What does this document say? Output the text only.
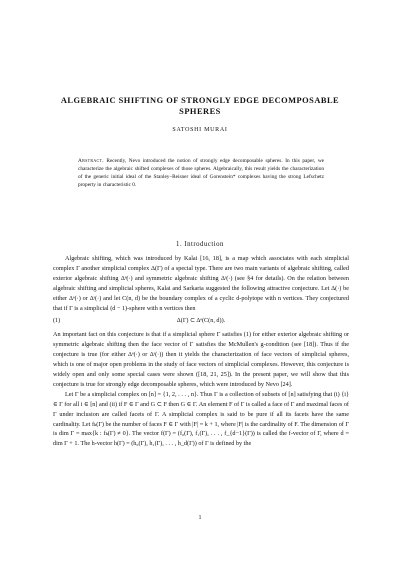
ALGEBRAIC SHIFTING OF STRONGLY EDGE DECOMPOSABLE SPHERES
SATOSHI MURAI
Abstract. Recently, Nevo introduced the notion of strongly edge decomposable spheres. In this paper, we characterize the algebraic shifted complexes of those spheres. Algebraically, this result yields the characterization of the generic initial ideal of the Stanley–Reisner ideal of Gorenstein* complexes having the strong Lefschetz property in characteristic 0.
1. Introduction

Algebraic shifting, which was introduced by Kalai [16, 18], is a map which associates with each simplicial complex Γ another simplicial complex Δ(Γ) of a special type. There are two main variants of algebraic shifting, called exterior algebraic shifting Δᵉ(·) and symmetric algebraic shifting Δˢ(·) (see §4 for details). On the relation between algebraic shifting and simplicial spheres, Kalai and Sarkaria suggested the following attractive conjecture. Let Δ(·) be either Δᵉ(·) or Δˢ(·) and let C(n, d) be the boundary complex of a cyclic d-polytope with n vertices. They conjectured that if Γ is a simplicial (d − 1)-sphere with n vertices then

(1)	Δ(Γ) ⊂ Δᵉ(C(n, d)).

An important fact on this conjecture is that if a simplicial sphere Γ satisfies (1) for either exterior algebraic shifting or symmetric algebraic shifting then the face vector of Γ satisfies the McMullen's g-condition (see [18]). Thus if the conjecture is true (for either Δᵉ(·) or Δˢ(·)) then it yields the characterization of face vectors of simplicial spheres, which is one of major open problems in the study of face vectors of simplicial complexes. However, this conjecture is widely open and only some special cases were shown ([18, 21, 25]). In the present paper, we will show that this conjecture is true for strongly edge decomposable spheres, which were introduced by Nevo [24].

Let Γ be a simplicial complex on [n] = {1, 2, . . . , n}. Thus Γ is a collection of subsets of [n] satisfying that (i) {i} ∈ Γ for all i ∈ [n] and (ii) if F ∈ Γ and G ⊂ F then G ∈ Γ. An element F of Γ is called a face of Γ and maximal faces of Γ under inclusion are called facets of Γ. A simplicial complex is said to be pure if all its facets have the same cardinality. Let fₖ(Γ) be the number of faces F ∈ Γ with |F| = k + 1, where |F| is the cardinality of F. The dimension of Γ is dim Γ = max{k : fₖ(Γ) ≠ 0}. The vector f(Γ) = (f₀(Γ), f₁(Γ), . . . , f_{d−1}(Γ)) is called the f-vector of Γ, where d = dim Γ + 1. The h-vector h(Γ) = (h₀(Γ), h₁(Γ), . . . , h_d(Γ)) of Γ is defined by the

1
